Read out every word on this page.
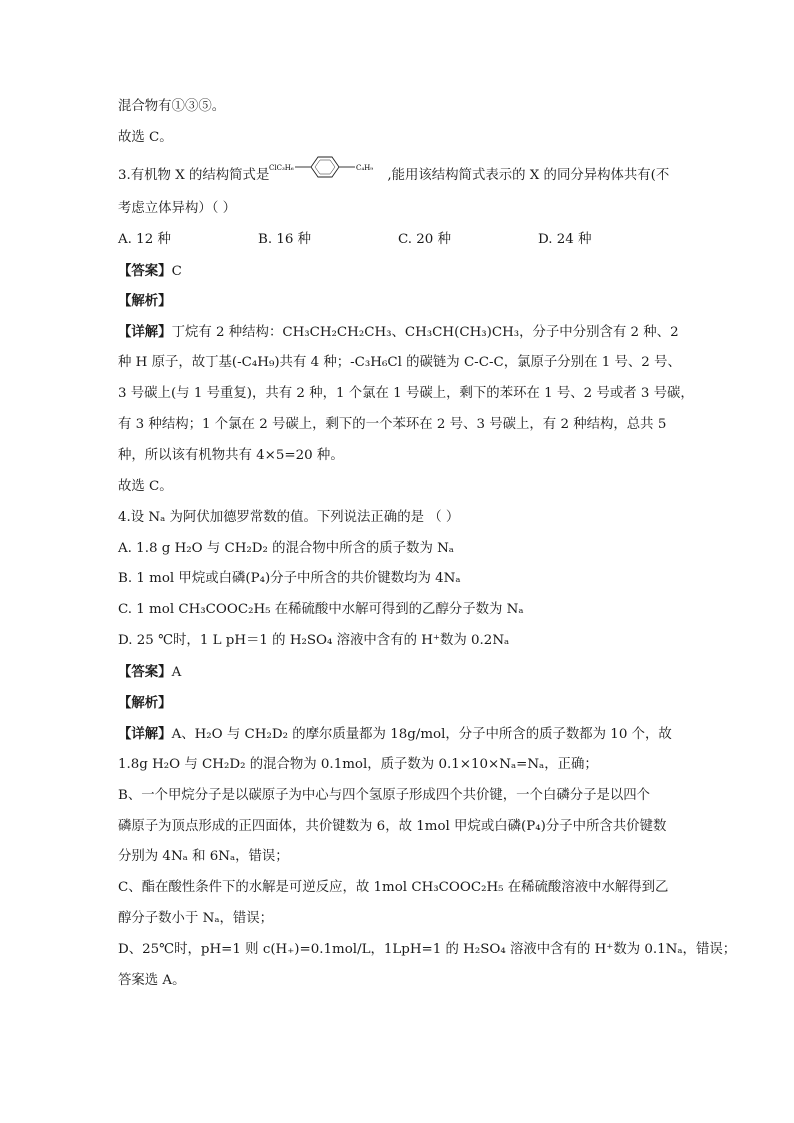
混合物有①③⑤。
故选 C。
3.有机物 X 的结构简式是 ClC₃H₆	C₄H₉ ,能用该结构简式表示的 X 的同分异构体共有(不
考虑立体异构）（ ）
A. 12 种	B. 16 种	C. 20 种	D. 24 种
【答案】C
【解析】
【详解】丁烷有 2 种结构：CH₃CH₂CH₂CH₃、CH₃CH(CH₃)CH₃，分子中分别含有 2 种、2
种 H 原子，故丁基(-C₄H₉)共有 4 种；-C₃H₆Cl 的碳链为 C-C-C，氯原子分别在 1 号、2 号、
3 号碳上(与 1 号重复)，共有 2 种，1 个氯在 1 号碳上，剩下的苯环在 1 号、2 号或者 3 号碳，
有 3 种结构；1 个氯在 2 号碳上，剩下的一个苯环在 2 号、3 号碳上，有 2 种结构，总共 5
种，所以该有机物共有 4×5=20 种。
故选 C。
4.设 Nₐ 为阿伏加德罗常数的值。下列说法正确的是 （ ）
A. 1.8 g H₂O 与 CH₂D₂ 的混合物中所含的质子数为 Nₐ
B. 1 mol 甲烷或白磷(P₄)分子中所含的共价键数均为 4Nₐ
C. 1 mol CH₃COOC₂H₅ 在稀硫酸中水解可得到的乙醇分子数为 Nₐ
D. 25 ℃时，1 L pH＝1 的 H₂SO₄ 溶液中含有的 H⁺数为 0.2Nₐ
【答案】A
【解析】
【详解】A、H₂O 与 CH₂D₂ 的摩尔质量都为 18g/mol，分子中所含的质子数都为 10 个，故
1.8g H₂O 与 CH₂D₂ 的混合物为 0.1mol，质子数为 0.1×10×Nₐ=Nₐ，正确；
B、一个甲烷分子是以碳原子为中心与四个氢原子形成四个共价键，一个白磷分子是以四个
磷原子为顶点形成的正四面体，共价键数为 6，故 1mol 甲烷或白磷(P₄)分子中所含共价键数
分别为 4Nₐ 和 6Nₐ，错误；
C、酯在酸性条件下的水解是可逆反应，故 1mol CH₃COOC₂H₅ 在稀硫酸溶液中水解得到乙
醇分子数小于 Nₐ，错误；
D、25℃时，pH=1 则 c(H₊)=0.1mol/L，1LpH=1 的 H₂SO₄ 溶液中含有的 H⁺数为 0.1Nₐ，错误；
答案选 A。
